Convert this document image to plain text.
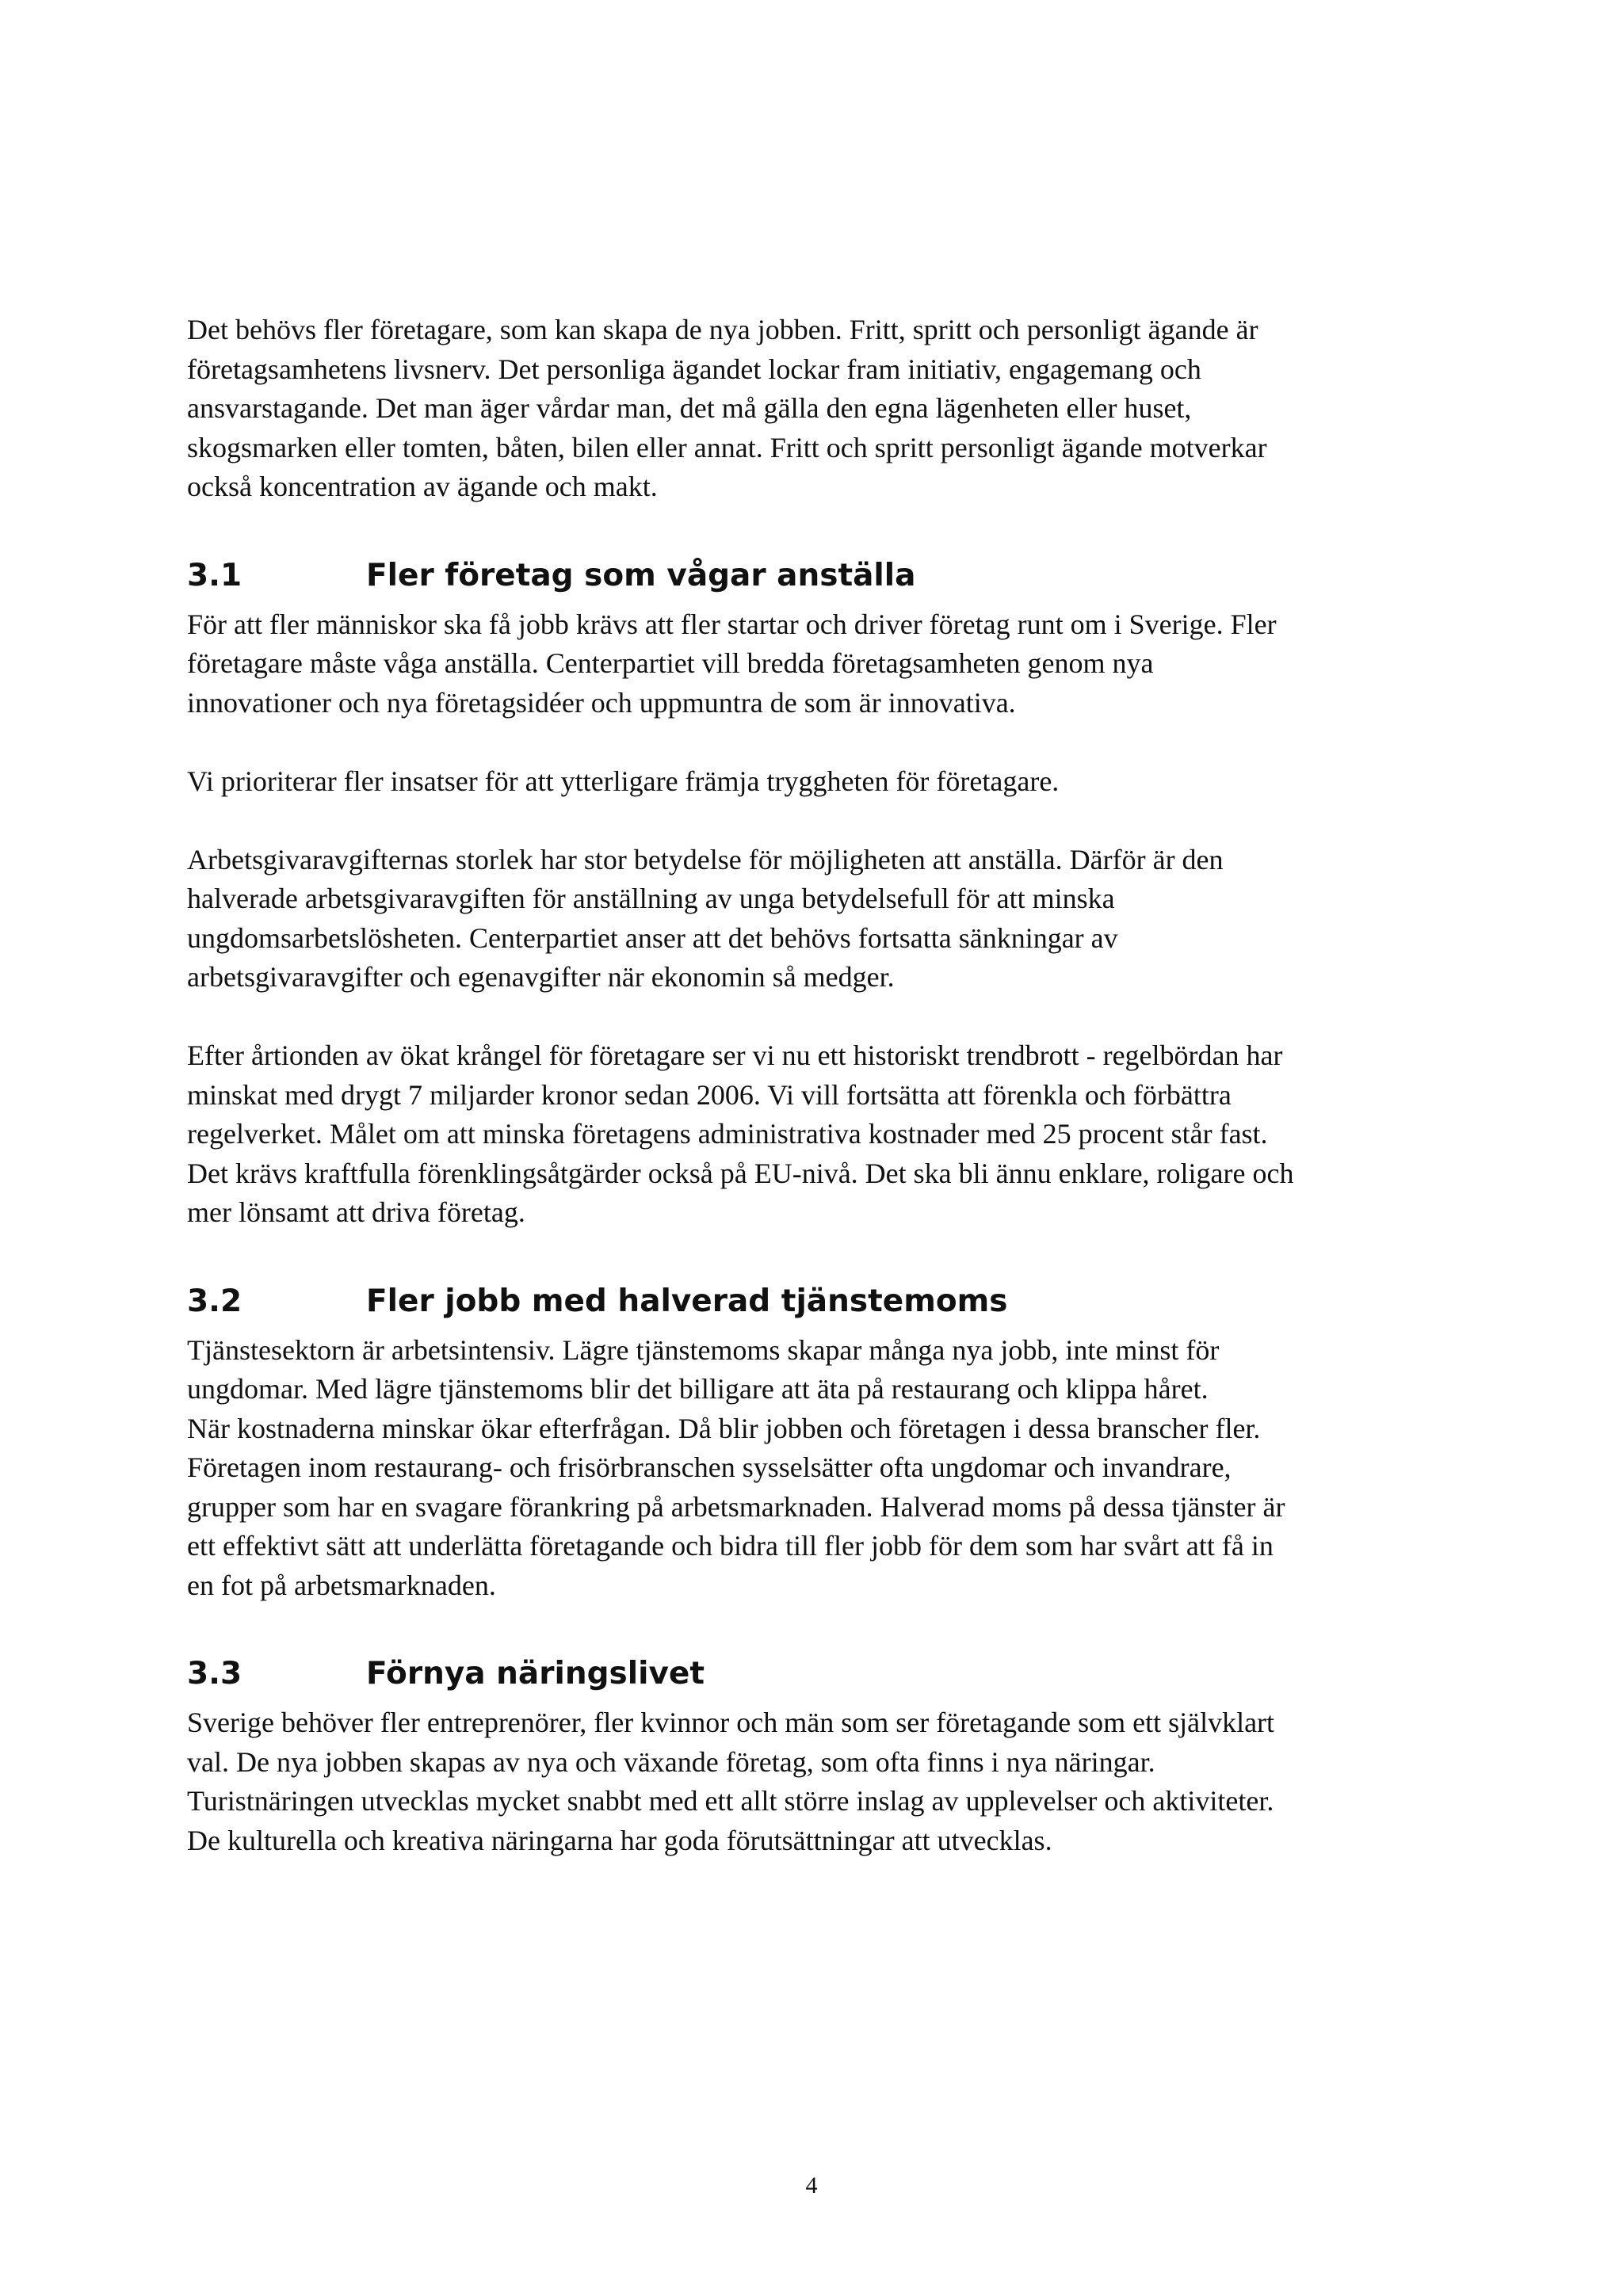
Det behövs fler företagare, som kan skapa de nya jobben. Fritt, spritt och personligt ägande är
företagsamhetens livsnerv. Det personliga ägandet lockar fram initiativ, engagemang och
ansvarstagande. Det man äger vårdar man, det må gälla den egna lägenheten eller huset,
skogsmarken eller tomten, båten, bilen eller annat. Fritt och spritt personligt ägande motverkar
också koncentration av ägande och makt.

3.1	Fler företag som vågar anställa

För att fler människor ska få jobb krävs att fler startar och driver företag runt om i Sverige. Fler
företagare måste våga anställa. Centerpartiet vill bredda företagsamheten genom nya
innovationer och nya företagsidéer och uppmuntra de som är innovativa.

Vi prioriterar fler insatser för att ytterligare främja tryggheten för företagare.

Arbetsgivaravgifternas storlek har stor betydelse för möjligheten att anställa. Därför är den
halverade arbetsgivaravgiften för anställning av unga betydelsefull för att minska
ungdomsarbetslösheten. Centerpartiet anser att det behövs fortsatta sänkningar av
arbetsgivaravgifter och egenavgifter när ekonomin så medger.

Efter årtionden av ökat krångel för företagare ser vi nu ett historiskt trendbrott - regelbördan har
minskat med drygt 7 miljarder kronor sedan 2006. Vi vill fortsätta att förenkla och förbättra
regelverket. Målet om att minska företagens administrativa kostnader med 25 procent står fast.
Det krävs kraftfulla förenklingsåtgärder också på EU-nivå. Det ska bli ännu enklare, roligare och
mer lönsamt att driva företag.

3.2	Fler jobb med halverad tjänstemoms

Tjänstesektorn är arbetsintensiv. Lägre tjänstemoms skapar många nya jobb, inte minst för
ungdomar. Med lägre tjänstemoms blir det billigare att äta på restaurang och klippa håret.
När kostnaderna minskar ökar efterfrågan. Då blir jobben och företagen i dessa branscher fler.
Företagen inom restaurang- och frisörbranschen sysselsätter ofta ungdomar och invandrare,
grupper som har en svagare förankring på arbetsmarknaden. Halverad moms på dessa tjänster är
ett effektivt sätt att underlätta företagande och bidra till fler jobb för dem som har svårt att få in
en fot på arbetsmarknaden.

3.3	Förnya näringslivet

Sverige behöver fler entreprenörer, fler kvinnor och män som ser företagande som ett självklart
val. De nya jobben skapas av nya och växande företag, som ofta finns i nya näringar.
Turistnäringen utvecklas mycket snabbt med ett allt större inslag av upplevelser och aktiviteter.
De kulturella och kreativa näringarna har goda förutsättningar att utvecklas.

4
